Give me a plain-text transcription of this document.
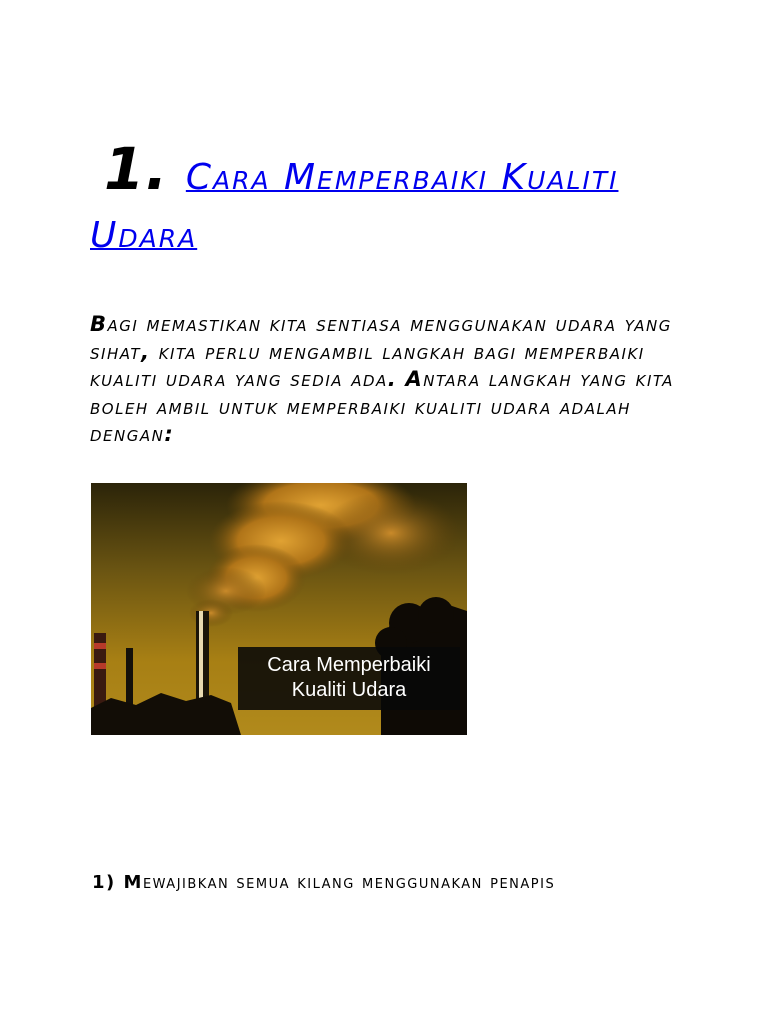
1. Cara Memperbaiki Kualiti
Udara
Bagi memastikan kita sentiasa menggunakan udara yang sihat, kita perlu mengambil langkah bagi memperbaiki kualiti udara yang sedia ada. Antara langkah yang kita boleh ambil untuk memperbaiki kualiti udara adalah dengan:
Cara Memperbaiki
Kualiti Udara
1) Mewajibkan semua kilang menggunakan penapis
